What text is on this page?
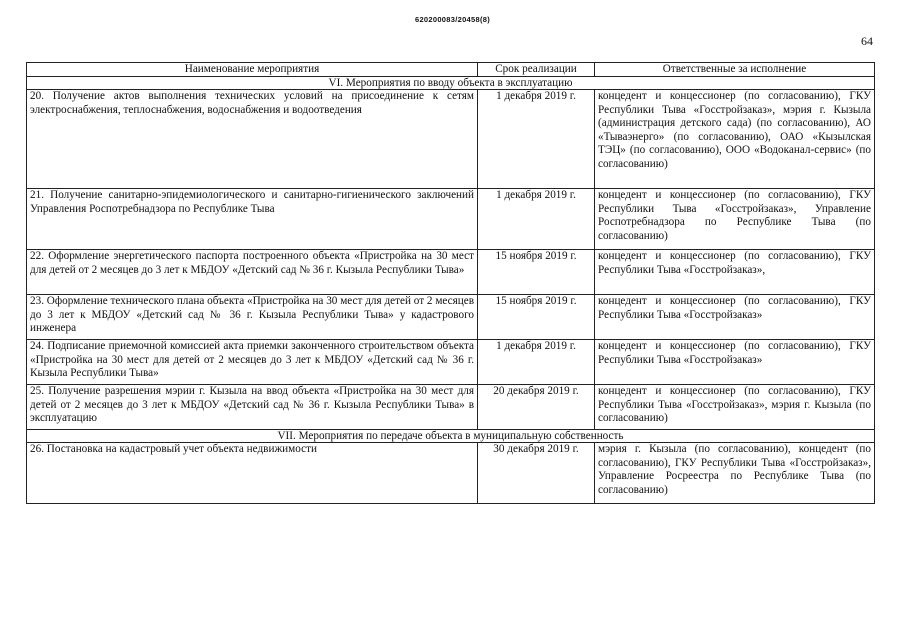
620200083/20458(8)
64
Наименование мероприятия	Срок реализации	Ответственные за исполнение
VI. Мероприятия по вводу объекта в эксплуатацию		
20. Получение актов выполнения технических условий на присоединение к сетям электроснабжения, теплоснабжения, водоснабжения и водоотведения	1 декабря 2019 г.	концедент и концессионер (по согласованию), ГКУ Республики Тыва «Госстройзаказ», мэрия г. Кызыла (администрация детского сада) (по согласованию), АО «Тываэнерго» (по согласованию), ОАО «Кызылская ТЭЦ» (по согласованию), ООО «Водоканал-сервис» (по согласованию)
21. Получение санитарно-эпидемиологического и санитарно-гигиенического заключений Управления Роспотребнадзора по Республике Тыва	1 декабря 2019 г.	концедент и концессионер (по согласованию), ГКУ Республики Тыва «Госстройзаказ», Управление Роспотребнадзора по Республике Тыва (по согласованию)
22. Оформление энергетического паспорта построенного объекта «Пристройка на 30 мест для детей от 2 месяцев до 3 лет к МБДОУ «Детский сад № 36 г. Кызыла Республики Тыва»	15 ноября 2019 г.	концедент и концессионер (по согласованию), ГКУ Республики Тыва «Госстройзаказ»,
23. Оформление технического плана объекта «Пристройка на 30 мест для детей от 2 месяцев до 3 лет к МБДОУ «Детский сад № 36 г. Кызыла Республики Тыва» у кадастрового инженера	15 ноября 2019 г.	концедент и концессионер (по согласованию), ГКУ Республики Тыва «Госстройзаказ»
24. Подписание приемочной комиссией акта приемки законченного строительством объекта «Пристройка на 30 мест для детей от 2 месяцев до 3 лет к МБДОУ «Детский сад № 36 г. Кызыла Республики Тыва»	1 декабря 2019 г.	концедент и концессионер (по согласованию), ГКУ Республики Тыва «Госстройзаказ»
25. Получение разрешения мэрии г. Кызыла на ввод объекта «Пристройка на 30 мест для детей от 2 месяцев до 3 лет к МБДОУ «Детский сад № 36 г. Кызыла Республики Тыва» в эксплуатацию	20 декабря 2019 г.	концедент и концессионер (по согласованию), ГКУ Республики Тыва «Госстройзаказ», мэрия г. Кызыла (по согласованию)
VII. Мероприятия по передаче объекта в муниципальную собственность		
26. Постановка на кадастровый учет объекта недвижимости	30 декабря 2019 г.	мэрия г. Кызыла (по согласованию), концедент (по согласованию), ГКУ Республики Тыва «Госстройзаказ», Управление Росреестра по Республике Тыва (по согласованию)
